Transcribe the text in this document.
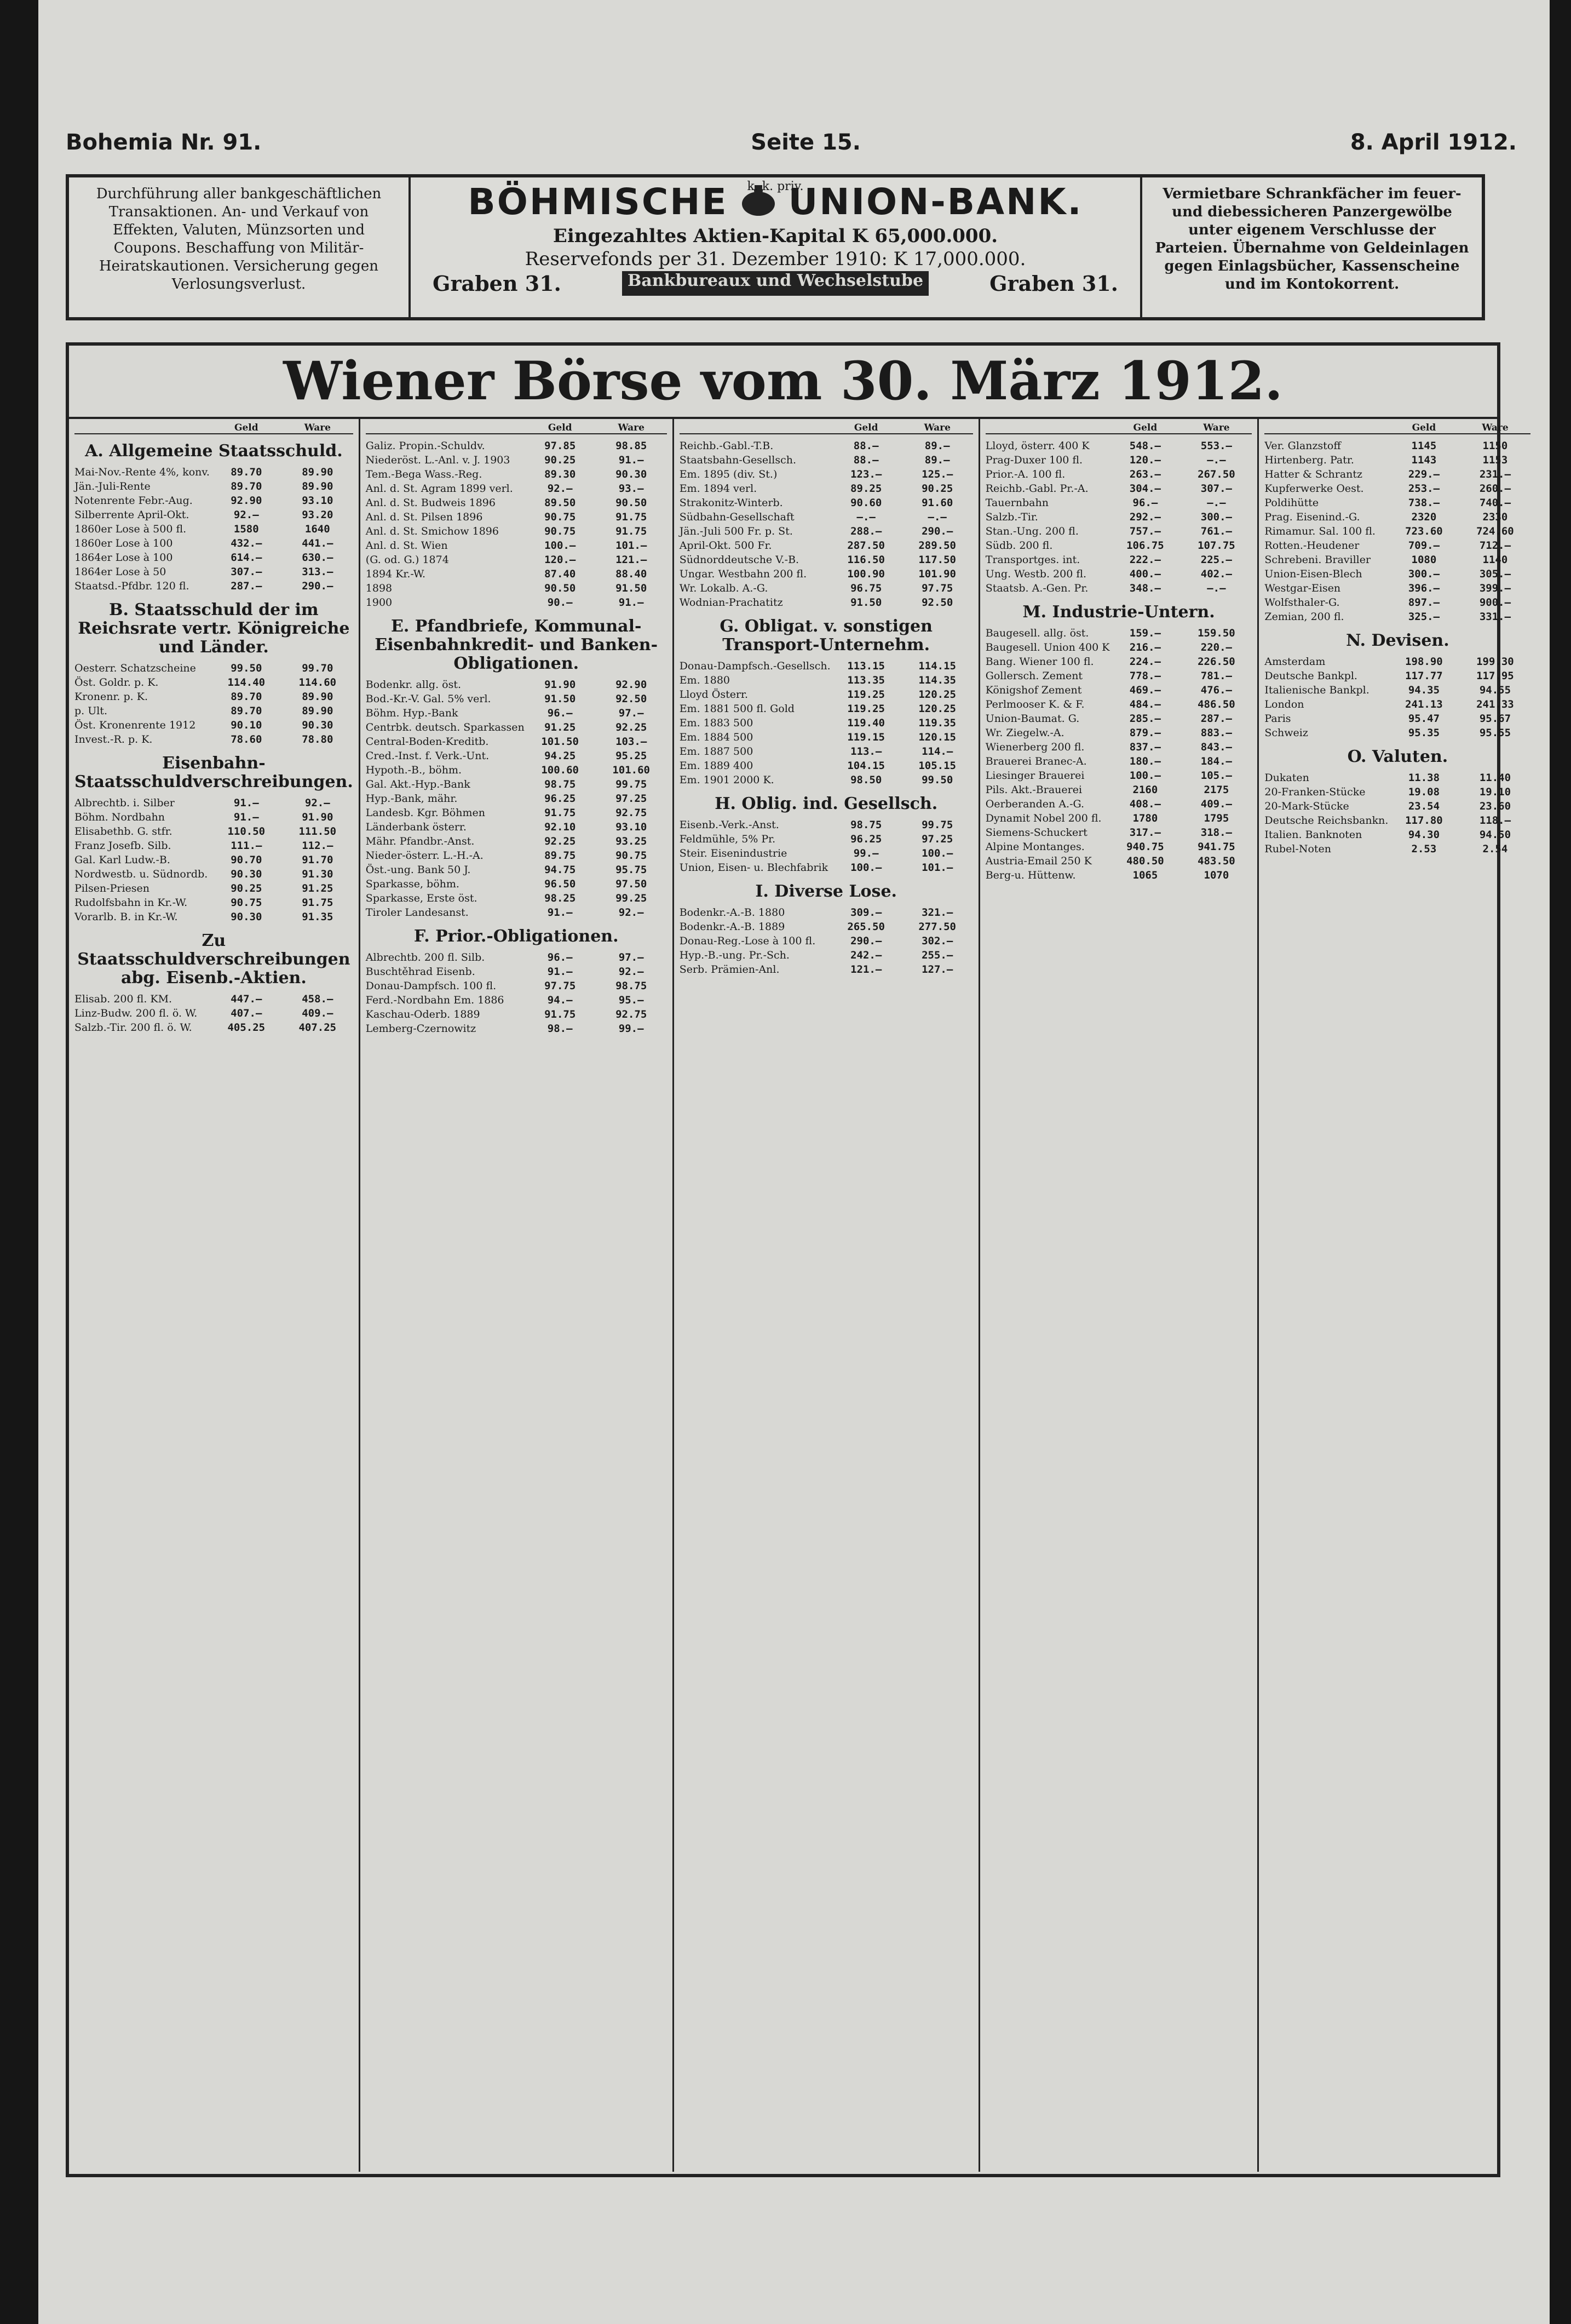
Bohemia Nr. 91.	Seite 15.	8. April 1912.
Durchführung aller bankgeschäftlichen Transaktionen. An- und Verkauf von Effekten, Valuten, Münzsorten und Coupons. Beschaffung von Militär-Heiratskautionen. Versicherung gegen Verlosungsverlust.
k. k. priv.
BÖHMISCHE UNION-BANK.
Eingezahltes Aktien-Kapital K 65,000.000.
Reservefonds per 31. Dezember 1910: K 17,000.000.
Graben 31.	Bankbureaux und Wechselstube	Graben 31.
Vermietbare Schrankfächer im feuer- und diebessicheren Panzergewölbe unter eigenem Verschlusse der Parteien. Übernahme von Geldeinlagen gegen Einlagsbücher, Kassenscheine und im Kontokorrent.
Wiener Börse vom 30. März 1912.
Geld	Ware
A. Allgemeine Staatsschuld.
Mai-Nov.-Rente 4%, konv.	89.70	89.90
Jän.-Juli-Rente	89.70	89.90
Notenrente Febr.-Aug.	92.90	93.10
Silberrente April-Okt.	92.—	93.20
1860er Lose à 500 fl.	1580	1640
1860er Lose à 100	432.—	441.—
1864er Lose à 100	614.—	630.—
1864er Lose à 50	307.—	313.—
Staatsd.-Pfdbr. 120 fl.	287.—	290.—
B. Staatsschuld der im Reichsrate vertr. Königreiche und Länder.
Oesterr. Schatzscheine	99.50	99.70
Öst. Goldr. p. K.	114.40	114.60
Kronenr. p. K.	89.70	89.90
p. Ult.	89.70	89.90
Öst. Kronenrente 1912	90.10	90.30
Invest.-R. p. K.	78.60	78.80
Eisenbahn-Staatsschuldverschreibungen.
Albrechtb. i. Silber	91.—	92.—
Böhm. Nordbahn	91.—	91.90
Elisabethb. G. stfr.	110.50	111.50
Franz Josefb. Silb.	111.—	112.—
Gal. Karl Ludw.-B.	90.70	91.70
Nordwestb. u. Südnordb.	90.30	91.30
Pilsen-Priesen	90.25	91.25
Rudolfsbahn in Kr.-W.	90.75	91.75
Vorarlb. B. in Kr.-W.	90.30	91.35
Zu Staatsschuldverschreibungen abg. Eisenb.-Aktien.
Elisab. 200 fl. KM.	447.—	458.—
Linz-Budw. 200 fl. ö. W.	407.—	409.—
Salzb.-Tir. 200 fl. ö. W.	405.25	407.25
Geld	Ware
Galiz. Propin.-Schuldv.	97.85	98.85
Niederöst. L.-Anl. v. J. 1903	90.25	91.—
Tem.-Bega Wass.-Reg.	89.30	90.30
Anl. d. St. Agram 1899 verl.	92.—	93.—
Anl. d. St. Budweis 1896	89.50	90.50
Anl. d. St. Pilsen 1896	90.75	91.75
Anl. d. St. Smichow 1896	90.75	91.75
Anl. d. St. Wien	100.—	101.—
(G. od. G.) 1874	120.—	121.—
1894 Kr.-W.	87.40	88.40
1898	90.50	91.50
1900	90.—	91.—
E. Pfandbriefe, Kommunal-Eisenbahnkredit- und Banken-Obligationen.
Bodenkr. allg. öst.	91.90	92.90
Bod.-Kr.-V. Gal. 5% verl.	91.50	92.50
Böhm. Hyp.-Bank	96.—	97.—
Centrbk. deutsch. Sparkassen	91.25	92.25
Central-Boden-Kreditb.	101.50	103.—
Cred.-Inst. f. Verk.-Unt.	94.25	95.25
Hypoth.-B., böhm.	100.60	101.60
Gal. Akt.-Hyp.-Bank	98.75	99.75
Hyp.-Bank, mähr.	96.25	97.25
Landesb. Kgr. Böhmen	91.75	92.75
Länderbank österr.	92.10	93.10
Mähr. Pfandbr.-Anst.	92.25	93.25
Nieder-österr. L.-H.-A.	89.75	90.75
Öst.-ung. Bank 50 J.	94.75	95.75
Sparkasse, böhm.	96.50	97.50
Sparkasse, Erste öst.	98.25	99.25
Tiroler Landesanst.	91.—	92.—
F. Prior.-Obligationen.
Albrechtb. 200 fl. Silb.	96.—	97.—
Buschtěhrad Eisenb.	91.—	92.—
Donau-Dampfsch. 100 fl.	97.75	98.75
Ferd.-Nordbahn Em. 1886	94.—	95.—
Kaschau-Oderb. 1889	91.75	92.75
Lemberg-Czernowitz	98.—	99.—
Geld	Ware
Reichb.-Gabl.-T.B.	88.—	89.—
Staatsbahn-Gesellsch.	88.—	89.—
Em. 1895 (div. St.)	123.—	125.—
Em. 1894 verl.	89.25	90.25
Strakonitz-Winterb.	90.60	91.60
Südbahn-Gesellschaft	—.—	—.—
Jän.-Juli 500 Fr. p. St.	288.—	290.—
April-Okt. 500 Fr.	287.50	289.50
Südnorddeutsche V.-B.	116.50	117.50
Ungar. Westbahn 200 fl.	100.90	101.90
Wr. Lokalb. A.-G.	96.75	97.75
Wodnian-Prachatitz	91.50	92.50
G. Obligat. v. sonstigen Transport-Unternehm.
Donau-Dampfsch.-Gesellsch.	113.15	114.15
Em. 1880	113.35	114.35
Lloyd Österr.	119.25	120.25
Em. 1881 500 fl. Gold	119.25	120.25
Em. 1883 500	119.40	119.35
Em. 1884 500	119.15	120.15
Em. 1887 500	113.—	114.—
Em. 1889 400	104.15	105.15
Em. 1901 2000 K.	98.50	99.50
H. Oblig. ind. Gesellsch.
Eisenb.-Verk.-Anst.	98.75	99.75
Feldmühle, 5% Pr.	96.25	97.25
Steir. Eisenindustrie	99.—	100.—
Union, Eisen- u. Blechfabrik	100.—	101.—
I. Diverse Lose.
Bodenkr.-A.-B. 1880	309.—	321.—
Bodenkr.-A.-B. 1889	265.50	277.50
Donau-Reg.-Lose à 100 fl.	290.—	302.—
Hyp.-B.-ung. Pr.-Sch.	242.—	255.—
Serb. Prämien-Anl.	121.—	127.—
Geld	Ware
Lloyd, österr. 400 K	548.—	553.—
Prag-Duxer 100 fl.	120.—	—.—
Prior.-A. 100 fl.	263.—	267.50
Reichb.-Gabl. Pr.-A.	304.—	307.—
Tauernbahn	96.—	—.—
Salzb.-Tir.	292.—	300.—
Stan.-Ung. 200 fl.	757.—	761.—
Südb. 200 fl.	106.75	107.75
Transportges. int.	222.—	225.—
Ung. Westb. 200 fl.	400.—	402.—
Staatsb. A.-Gen. Pr.	348.—	—.—
M. Industrie-Untern.
Baugesell. allg. öst.	159.—	159.50
Baugesell. Union 400 K	216.—	220.—
Bang. Wiener 100 fl.	224.—	226.50
Gollersch. Zement	778.—	781.—
Königshof Zement	469.—	476.—
Perlmooser K. & F.	484.—	486.50
Union-Baumat. G.	285.—	287.—
Wr. Ziegelw.-A.	879.—	883.—
Wienerberg 200 fl.	837.—	843.—
Brauerei Branec-A.	180.—	184.—
Liesinger Brauerei	100.—	105.—
Pils. Akt.-Brauerei	2160	2175
Oerberanden A.-G.	408.—	409.—
Dynamit Nobel 200 fl.	1780	1795
Siemens-Schuckert	317.—	318.—
Alpine Montanges.	940.75	941.75
Austria-Email 250 K	480.50	483.50
Berg-u. Hüttenw.	1065	1070
Geld	Ware
Ver. Glanzstoff	1145	1150
Hirtenberg. Patr.	1143	1153
Hatter & Schrantz	229.—	231.—
Kupferwerke Oest.	253.—	260.—
Poldihütte	738.—	740.—
Prag. Eisenind.-G.	2320	2330
Rimamur. Sal. 100 fl.	723.60	724.60
Rotten.-Heudener	709.—	712.—
Schrebeni. Braviller	1080	1140
Union-Eisen-Blech	300.—	305.—
Westgar-Eisen	396.—	399.—
Wolfsthaler-G.	897.—	900.—
Zemian, 200 fl.	325.—	331.—
N. Devisen.
Amsterdam	198.90	199.30
Deutsche Bankpl.	117.77	117.95
Italienische Bankpl.	94.35	94.55
London	241.13	241.33
Paris	95.47	95.67
Schweiz	95.35	95.55
O. Valuten.
Dukaten	11.38	11.40
20-Franken-Stücke	19.08	19.10
20-Mark-Stücke	23.54	23.60
Deutsche Reichsbankn.	117.80	118.—
Italien. Banknoten	94.30	94.50
Rubel-Noten	2.53	2.54
